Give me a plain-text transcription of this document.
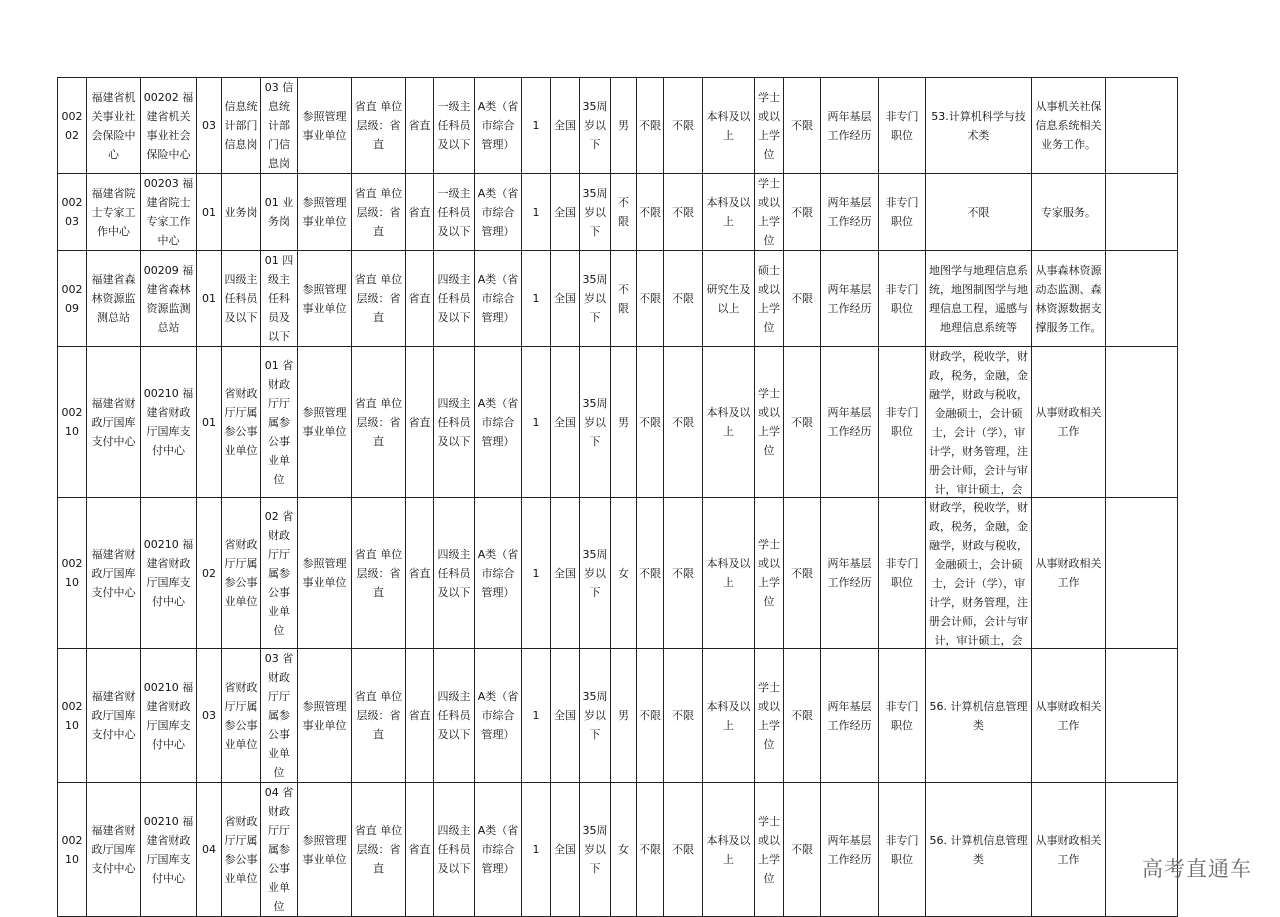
00202	福建省机关事业社会保险中心	00202 福建省机关事业社会保险中心	03	信息统计部门信息岗	03 信息统计部门信息岗	参照管理事业单位	省直 单位层级：省直	省直	一级主任科员及以下	A类（省市综合管理）	1	全国	35周岁以下	男	不限	不限	本科及以上	学士或以上学位	不限	两年基层工作经历	非专门职位	53.计算机科学与技术类	从事机关社保信息系统相关业务工作。	

00203	福建省院士专家工作中心	00203 福建省院士专家工作中心	01	业务岗	01 业务岗	参照管理事业单位	省直 单位层级：省直	省直	一级主任科员及以下	A类（省市综合管理）	1	全国	35周岁以下	不限	不限	不限	本科及以上	学士或以上学位	不限	两年基层工作经历	非专门职位	不限	专家服务。	

00209	福建省森林资源监测总站	00209 福建省森林资源监测总站	01	四级主任科员及以下	01 四级主任科员及以下	参照管理事业单位	省直 单位层级：省直	省直	四级主任科员及以下	A类（省市综合管理）	1	全国	35周岁以下	不限	不限	不限	研究生及以上	硕士或以上学位	不限	两年基层工作经历	非专门职位	地图学与地理信息系统，地图制图学与地理信息工程，遥感与地理信息系统等	从事森林资源动态监测、森林资源数据支撑服务工作。	

00210	福建省财政厅国库支付中心	00210 福建省财政厅国库支付中心	01	省财政厅厅属参公事业单位	01 省财政厅厅属参公事业单位	参照管理事业单位	省直 单位层级：省直	省直	四级主任科员及以下	A类（省市综合管理）	1	全国	35周岁以下	男	不限	不限	本科及以上	学士或以上学位	不限	两年基层工作经历	非专门职位	财政学，税收学，财政，税务，金融，金融学，财政与税收，金融硕士，会计硕士，会计（学），审计学，财务管理，注册会计师，会计与审计，审计硕士，会	从事财政相关工作	

00210	福建省财政厅国库支付中心	00210 福建省财政厅国库支付中心	02	省财政厅厅属参公事业单位	02 省财政厅厅属参公事业单位	参照管理事业单位	省直 单位层级：省直	省直	四级主任科员及以下	A类（省市综合管理）	1	全国	35周岁以下	女	不限	不限	本科及以上	学士或以上学位	不限	两年基层工作经历	非专门职位	财政学，税收学，财政，税务，金融，金融学，财政与税收，金融硕士，会计硕士，会计（学），审计学，财务管理，注册会计师，会计与审计，审计硕士，会	从事财政相关工作	

00210	福建省财政厅国库支付中心	00210 福建省财政厅国库支付中心	03	省财政厅厅属参公事业单位	03 省财政厅厅属参公事业单位	参照管理事业单位	省直 单位层级：省直	省直	四级主任科员及以下	A类（省市综合管理）	1	全国	35周岁以下	男	不限	不限	本科及以上	学士或以上学位	不限	两年基层工作经历	非专门职位	56. 计算机信息管理类	从事财政相关工作	

00210	福建省财政厅国库支付中心	00210 福建省财政厅国库支付中心	04	省财政厅厅属参公事业单位	04 省财政厅厅属参公事业单位	参照管理事业单位	省直 单位层级：省直	省直	四级主任科员及以下	A类（省市综合管理）	1	全国	35周岁以下	女	不限	不限	本科及以上	学士或以上学位	不限	两年基层工作经历	非专门职位	56. 计算机信息管理类	从事财政相关工作	
		高考直通车
